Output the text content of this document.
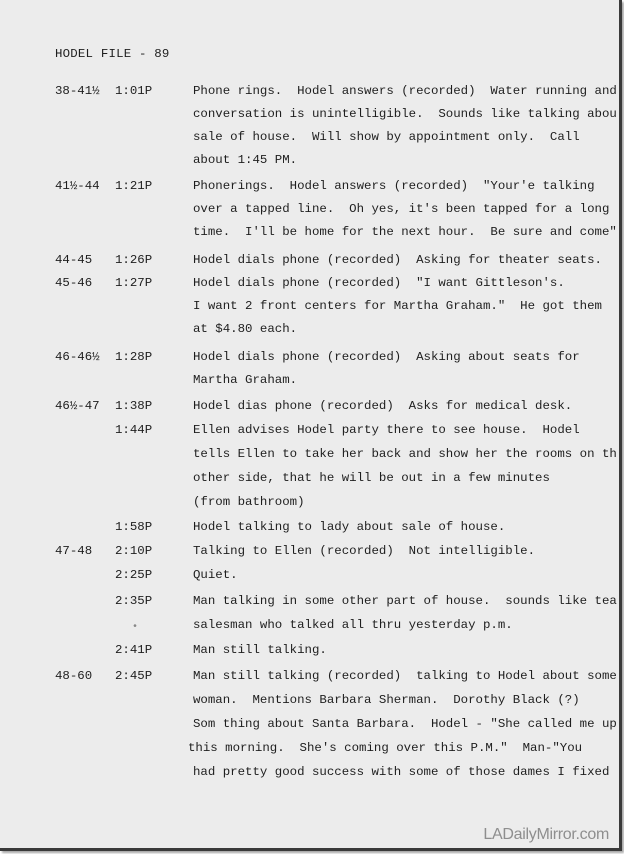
HODEL FILE - 89
38-41½ 1:01P	Phone rings.  Hodel answers (recorded)  Water running and
conversation is unintelligible.  Sounds like talking abou
sale of house.  Will show by appointment only.  Call
about 1:45 PM.
41½-44 1:21P	Phonerings.  Hodel answers (recorded)  "Your'e talking
over a tapped line.  Oh yes, it's been tapped for a long
time.  I'll be home for the next hour.  Be sure and come"
44-45 1:26P	Hodel dials phone (recorded)  Asking for theater seats.
45-46 1:27P	Hodel dials phone (recorded)  "I want Gittleson's.
I want 2 front centers for Martha Graham."  He got them
at $4.80 each.
46-46½ 1:28P	Hodel dials phone (recorded)  Asking about seats for
Martha Graham.
46½-47 1:38P	Hodel dias phone (recorded)  Asks for medical desk.
1:44P	Ellen advises Hodel party there to see house.  Hodel
tells Ellen to take her back and show her the rooms on th
other side, that he will be out in a few minutes
(from bathroom)
1:58P	Hodel talking to lady about sale of house.
47-48 2:10P	Talking to Ellen (recorded)  Not intelligible.
2:25P	Quiet.
2:35P	Man talking in some other part of house.  sounds like tea
salesman who talked all thru yesterday p.m.
•
2:41P	Man still talking.
48-60 2:45P	Man still talking (recorded)  talking to Hodel about some
woman.  Mentions Barbara Sherman.  Dorothy Black (?)
Som thing about Santa Barbara.  Hodel - "She called me up
this morning.  She's coming over this P.M."  Man-"You
had pretty good success with some of those dames I fixed
LADailyMirror.com
